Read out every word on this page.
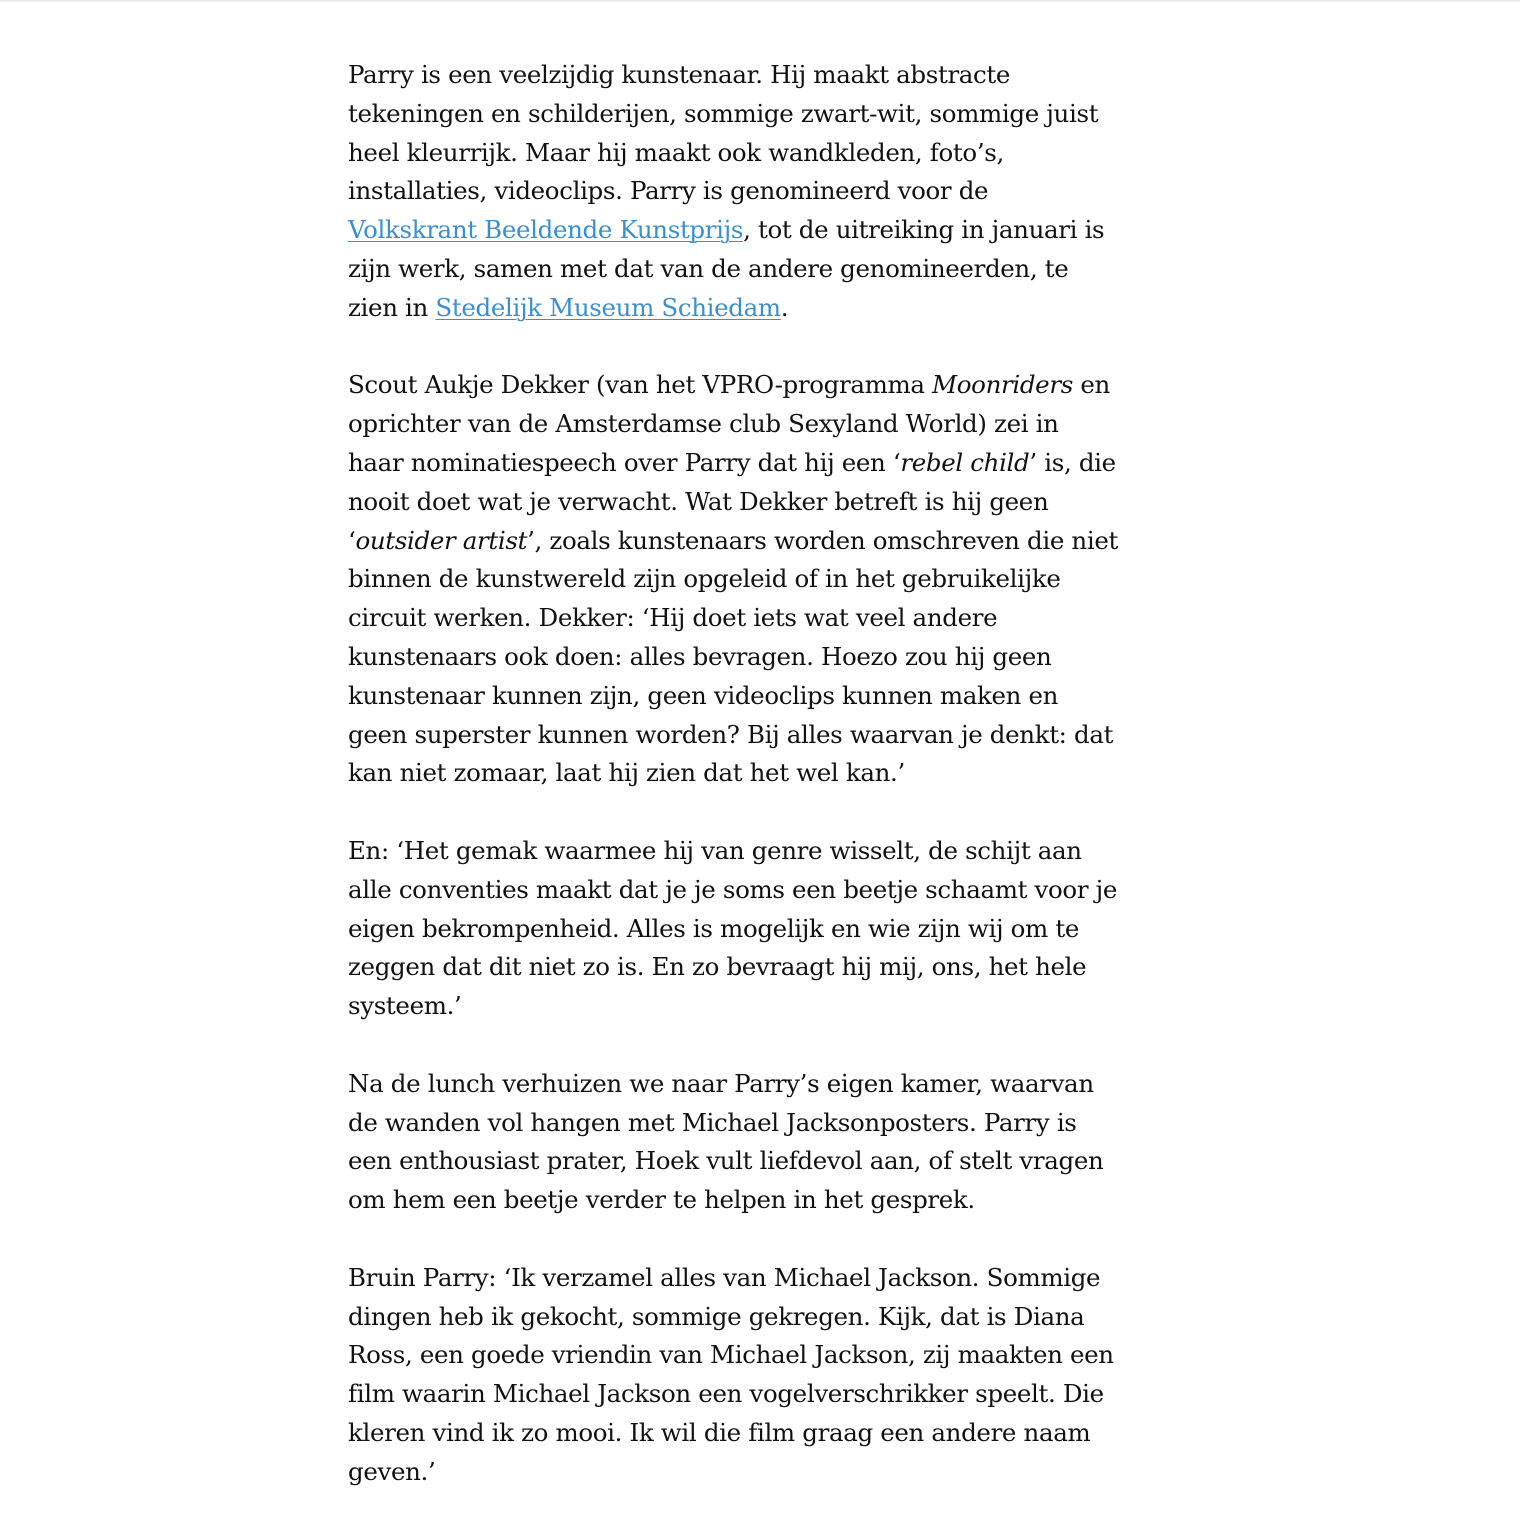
Parry is een veelzijdig kunstenaar. Hij maakt abstracte tekeningen en schilderijen, sommige zwart-wit, sommige juist heel kleurrijk. Maar hij maakt ook wandkleden, foto’s, installaties, videoclips. Parry is genomineerd voor de Volkskrant Beeldende Kunstprijs, tot de uitreiking in januari is zijn werk, samen met dat van de andere genomineerden, te zien in Stedelijk Museum Schiedam.

Scout Aukje Dekker (van het VPRO-programma Moonriders en oprichter van de Amsterdamse club Sexyland World) zei in haar nominatiespeech over Parry dat hij een ‘rebel child’ is, die nooit doet wat je verwacht. Wat Dekker betreft is hij geen ‘outsider artist’, zoals kunstenaars worden omschreven die niet binnen de kunstwereld zijn opgeleid of in het gebruikelijke circuit werken. Dekker: ‘Hij doet iets wat veel andere kunstenaars ook doen: alles bevragen. Hoezo zou hij geen kunstenaar kunnen zijn, geen videoclips kunnen maken en geen superster kunnen worden? Bij alles waarvan je denkt: dat kan niet zomaar, laat hij zien dat het wel kan.’

En: ‘Het gemak waarmee hij van genre wisselt, de schijt aan alle conventies maakt dat je je soms een beetje schaamt voor je eigen bekrompenheid. Alles is mogelijk en wie zijn wij om te zeggen dat dit niet zo is. En zo bevraagt hij mij, ons, het hele systeem.’

Na de lunch verhuizen we naar Parry’s eigen kamer, waarvan de wanden vol hangen met Michael Jacksonposters. Parry is een enthousiast prater, Hoek vult liefdevol aan, of stelt vragen om hem een beetje verder te helpen in het gesprek.

Bruin Parry: ‘Ik verzamel alles van Michael Jackson. Sommige dingen heb ik gekocht, sommige gekregen. Kijk, dat is Diana Ross, een goede vriendin van Michael Jackson, zij maakten een film waarin Michael Jackson een vogelverschrikker speelt. Die kleren vind ik zo mooi. Ik wil die film graag een andere naam geven.’
